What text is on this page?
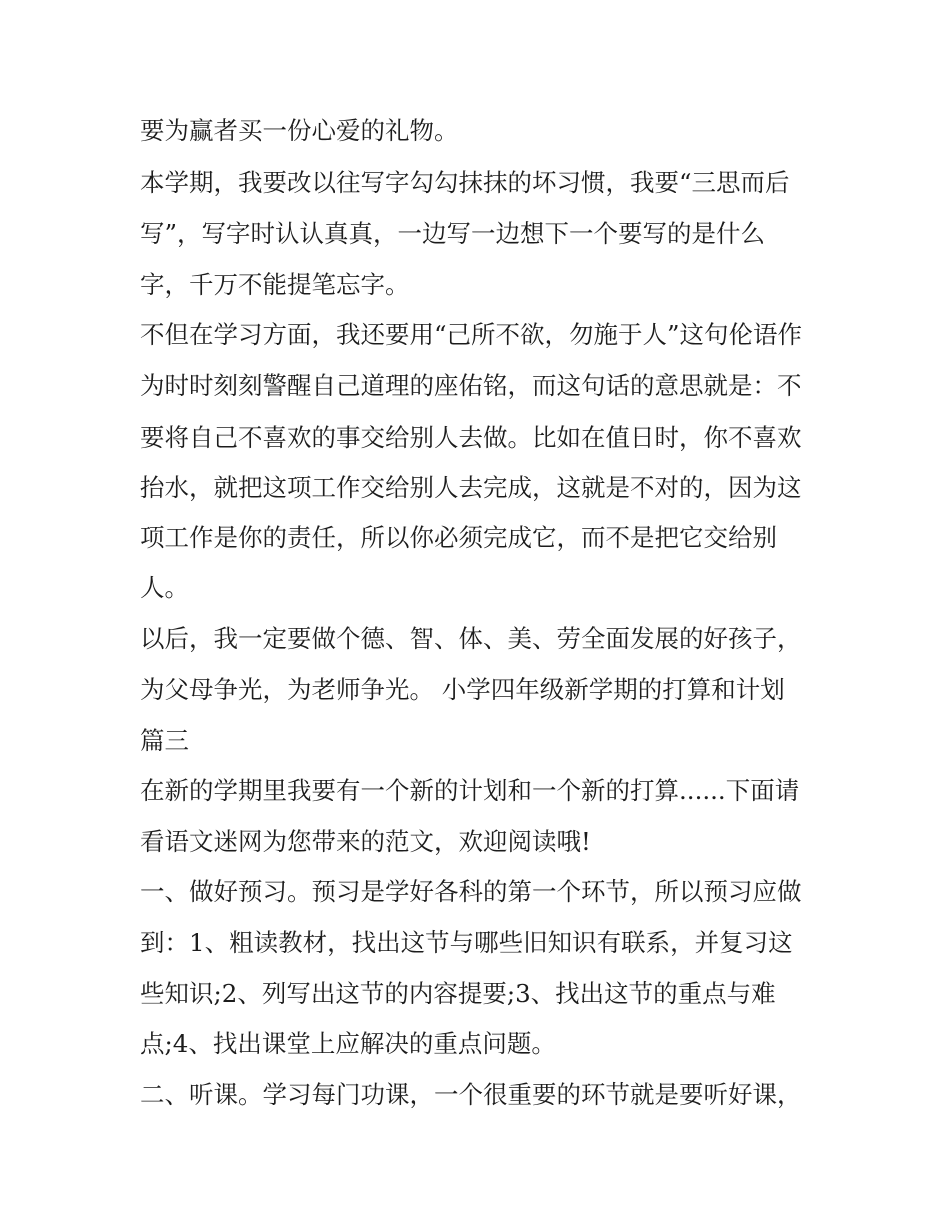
要为赢者买一份心爱的礼物。
本学期，我要改以往写字勾勾抹抹的坏习惯，我要“三思而后
写”，写字时认认真真，一边写一边想下一个要写的是什么
字，千万不能提笔忘字。
不但在学习方面，我还要用“己所不欲，勿施于人”这句伦语作
为时时刻刻警醒自己道理的座佑铭，而这句话的意思就是：不
要将自己不喜欢的事交给别人去做。比如在值日时，你不喜欢
抬水，就把这项工作交给别人去完成，这就是不对的，因为这
项工作是你的责任，所以你必须完成它，而不是把它交给别
人。
以后，我一定要做个德、智、体、美、劳全面发展的好孩子，
为父母争光，为老师争光。 小学四年级新学期的打算和计划
篇三
在新的学期里我要有一个新的计划和一个新的打算......下面请
看语文迷网为您带来的范文，欢迎阅读哦!
一、做好预习。预习是学好各科的第一个环节，所以预习应做
到：1、粗读教材，找出这节与哪些旧知识有联系，并复习这
些知识;2、列写出这节的内容提要;3、找出这节的重点与难
点;4、找出课堂上应解决的重点问题。
二、听课。学习每门功课，一个很重要的环节就是要听好课，
